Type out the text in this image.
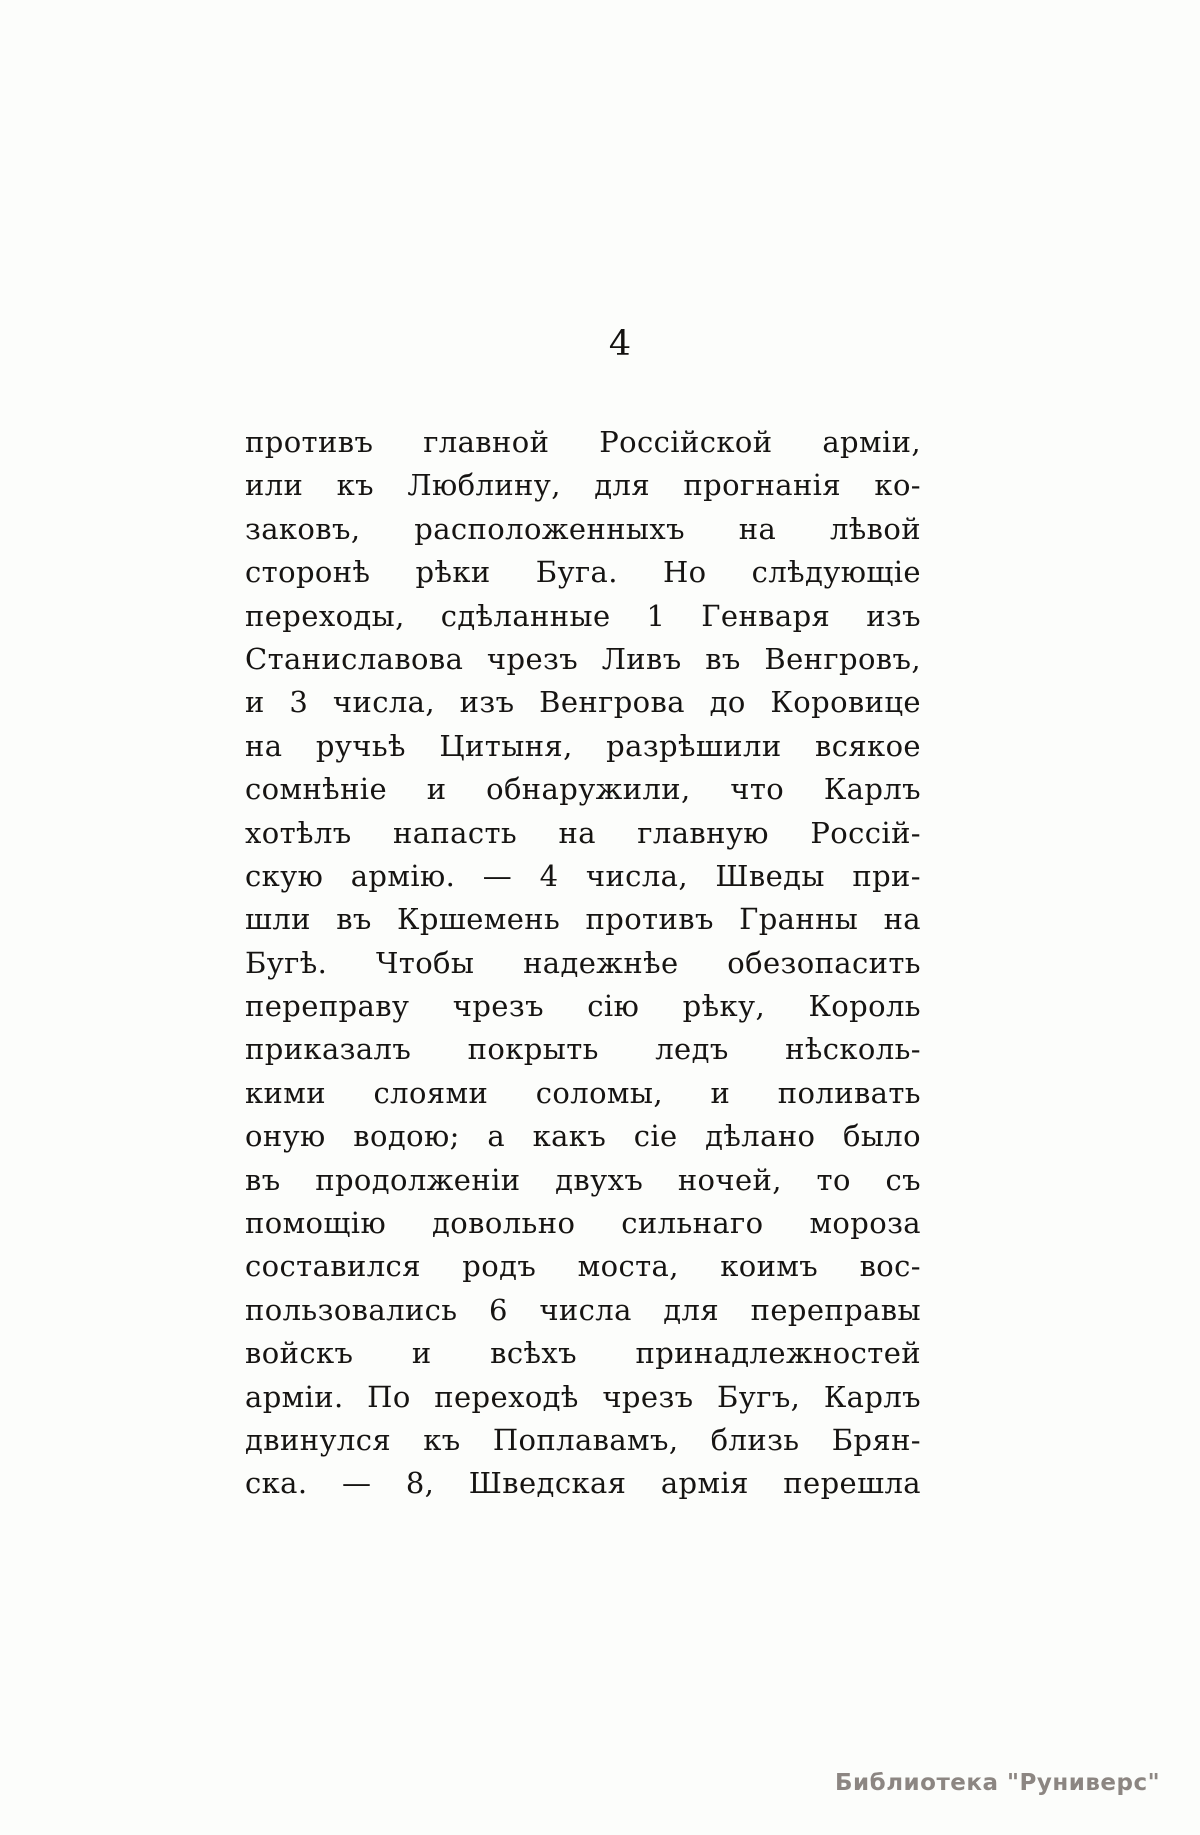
4
противъ главной Россійской арміи,
или къ Люблину, для прогнанія ко-
заковъ, расположенныхъ на лѣвой
сторонѣ рѣки Буга. Но слѣдующіе
переходы, сдѣланные 1 Генваря изъ
Станиславова чрезъ Ливъ въ Венгровъ,
и 3 числа, изъ Венгрова до Коровице
на ручьѣ Цитыня, разрѣшили всякое
сомнѣніе и обнаружили, что Карлъ
хотѣлъ напасть на главную Россій-
скую армію. — 4 числа, Шведы при-
шли въ Кршемень противъ Гранны на
Бугѣ. Чтобы надежнѣе обезопасить
переправу чрезъ сію рѣку, Король
приказалъ покрыть ледъ нѣсколь-
кими слоями соломы, и поливать
оную водою; а какъ сіе дѣлано было
въ продолженіи двухъ ночей, то съ
помощію довольно сильнаго мороза
составился родъ моста, коимъ вос-
пользовались 6 числа для переправы
войскъ и всѣхъ принадлежностей
арміи. По переходѣ чрезъ Бугъ, Карлъ
двинулся къ Поплавамъ, близь Брян-
ска. — 8, Шведская армія перешла
Библиотека "Руниверс"
